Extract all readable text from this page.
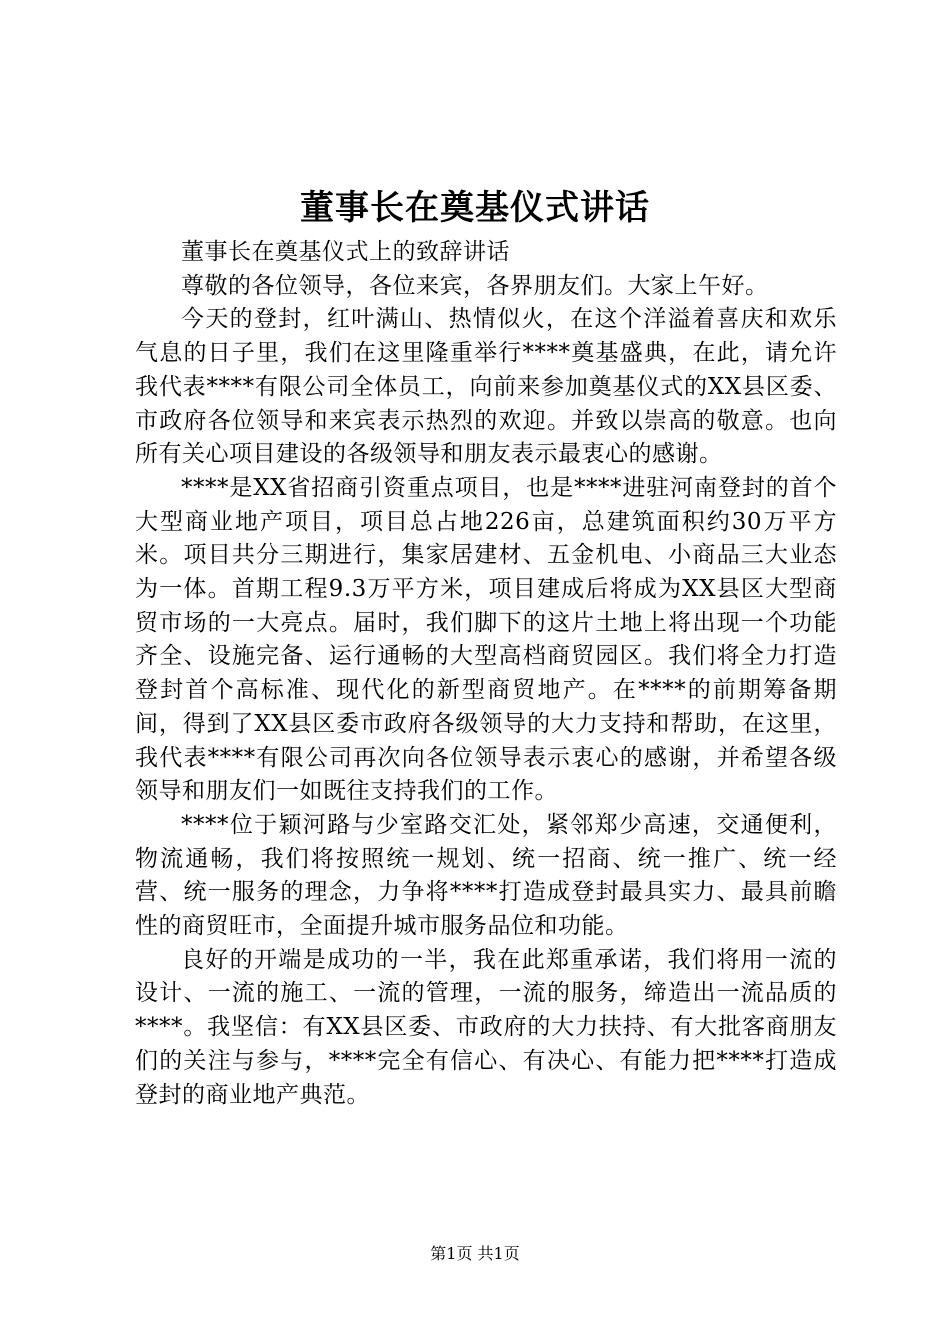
董事长在奠基仪式讲话

董事长在奠基仪式上的致辞讲话

尊敬的各位领导，各位来宾，各界朋友们。大家上午好。

今天的登封，红叶满山、热情似火，在这个洋溢着喜庆和欢乐气息的日子里，我们在这里隆重举行****奠基盛典，在此，请允许我代表****有限公司全体员工，向前来参加奠基仪式的XX县区委、市政府各位领导和来宾表示热烈的欢迎。并致以崇高的敬意。也向所有关心项目建设的各级领导和朋友表示最衷心的感谢。

****是XX省招商引资重点项目，也是****进驻河南登封的首个大型商业地产项目，项目总占地226亩，总建筑面积约30万平方米。项目共分三期进行，集家居建材、五金机电、小商品三大业态为一体。首期工程9.3万平方米，项目建成后将成为XX县区大型商贸市场的一大亮点。届时，我们脚下的这片土地上将出现一个功能齐全、设施完备、运行通畅的大型高档商贸园区。我们将全力打造登封首个高标准、现代化的新型商贸地产。在****的前期筹备期间，得到了XX县区委市政府各级领导的大力支持和帮助，在这里，我代表****有限公司再次向各位领导表示衷心的感谢，并希望各级领导和朋友们一如既往支持我们的工作。

****位于颖河路与少室路交汇处，紧邻郑少高速，交通便利，物流通畅，我们将按照统一规划、统一招商、统一推广、统一经营、统一服务的理念，力争将****打造成登封最具实力、最具前瞻性的商贸旺市，全面提升城市服务品位和功能。

良好的开端是成功的一半，我在此郑重承诺，我们将用一流的设计、一流的施工、一流的管理，一流的服务，缔造出一流品质的****。我坚信：有XX县区委、市政府的大力扶持、有大批客商朋友们的关注与参与，****完全有信心、有决心、有能力把****打造成登封的商业地产典范。

第1页 共1页
